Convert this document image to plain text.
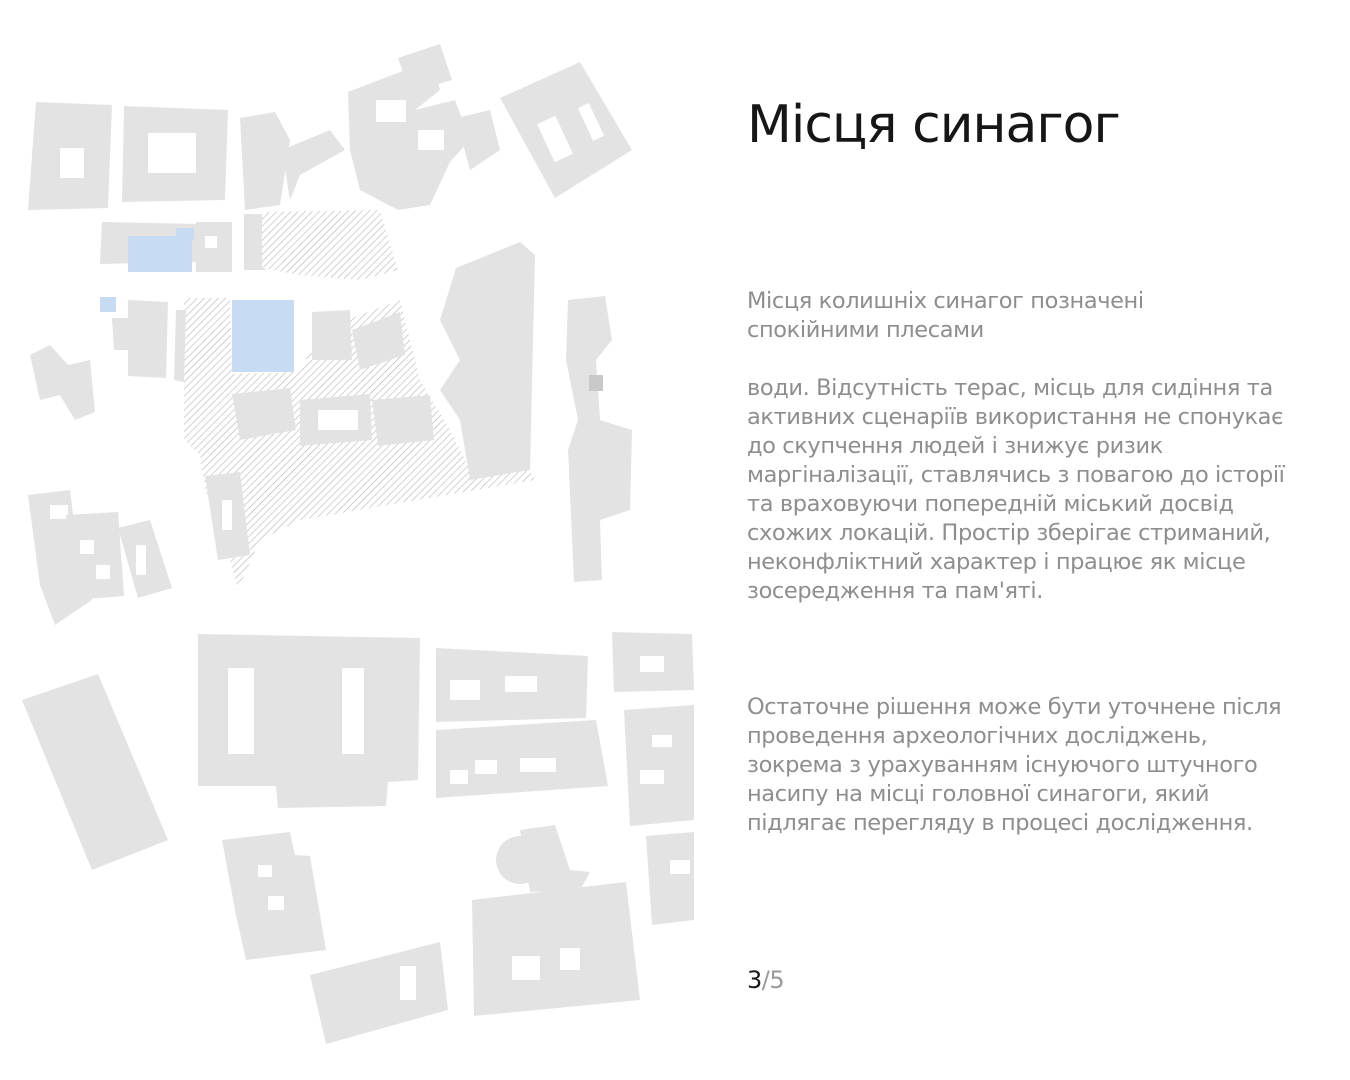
Місця синагог

Місця колишніх синагог позначені спокійними плесами

води. Відсутність терас, місць для сидіння та активних сценаріїв використання не спонукає до скупчення людей і знижує ризик маргіналізації, ставлячись з повагою до історії та враховуючи попередній міський досвід схожих локацій. Простір зберігає стриманий, неконфліктний характер і працює як місце зосередження та пам'яті.

Остаточне рішення може бути уточнене після проведення археологічних досліджень, зокрема з урахуванням існуючого штучного насипу на місці головної синагоги, який підлягає перегляду в процесі дослідження.

3/5
